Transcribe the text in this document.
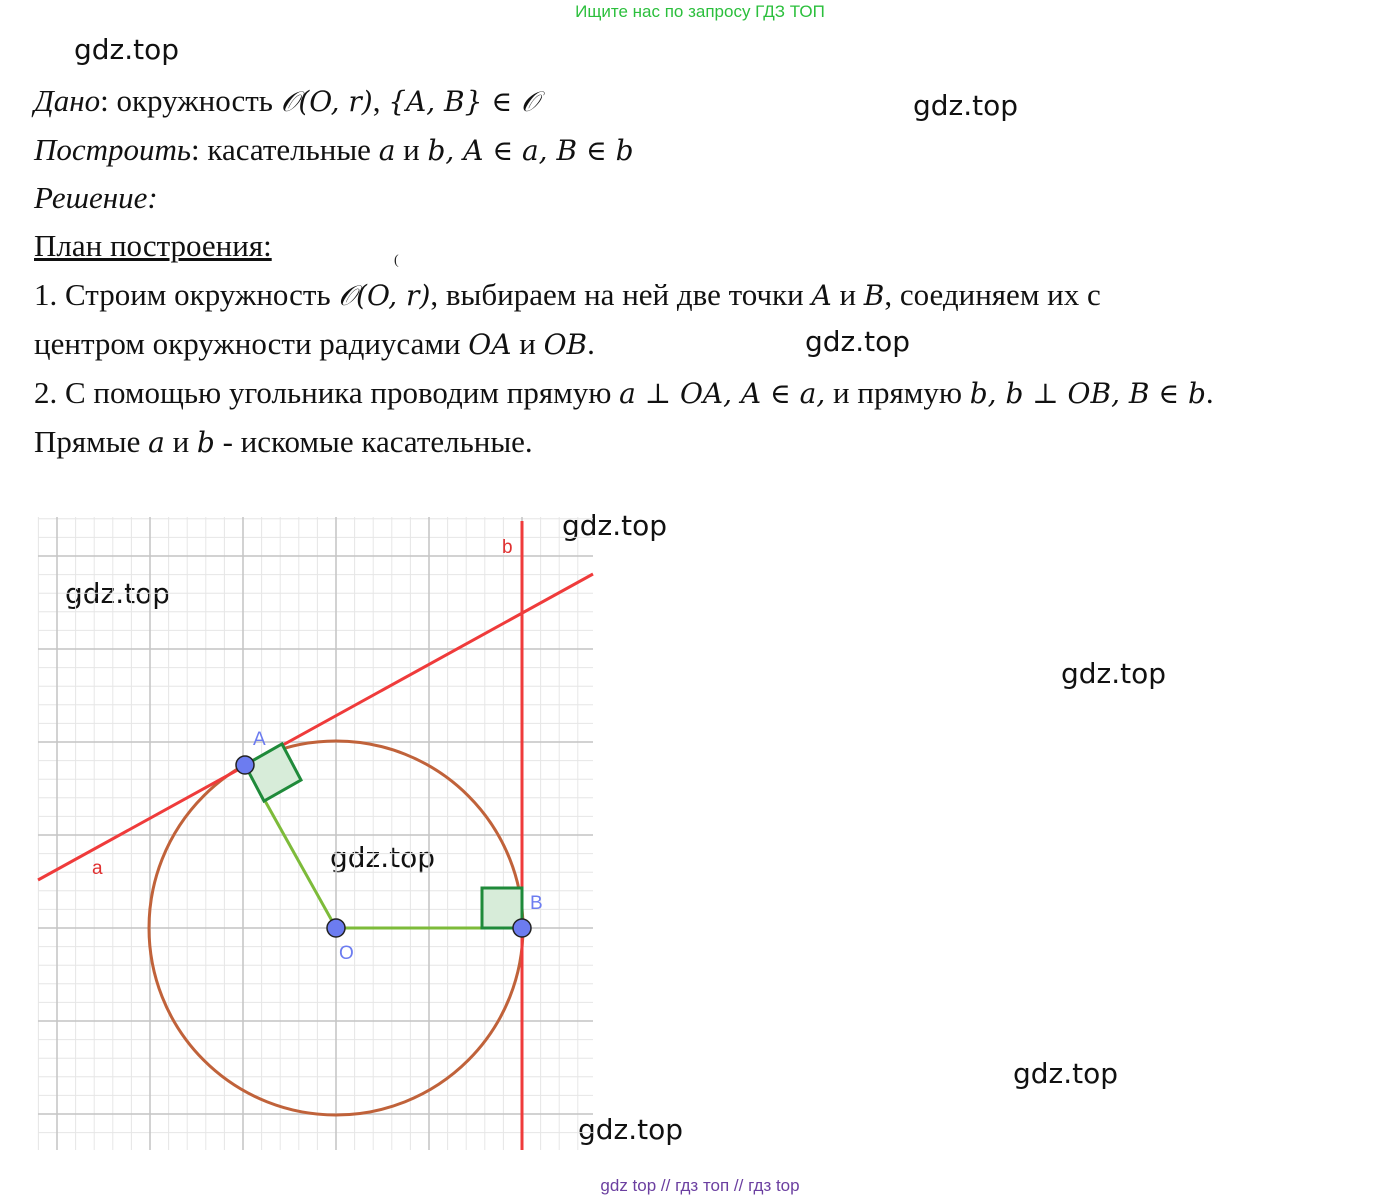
Ищите нас по запросу ГДЗ ТОП
gdz.top
gdz.top
gdz.top
gdz.top
gdz.top
gdz.top
gdz.top
gdz.top
gdz.top
Дано: окружность 𝒪(O, r), {A, B} ∈ 𝒪
Построить: касательные a и b, A ∈ a, B ∈ b
Решение:
План построения:	(
1. Строим окружность 𝒪(O, r), выбираем на ней две точки A и B, соединяем их с
центром окружности радиусами OA и OB.
2. С помощью угольника проводим прямую a ⊥ OA, A ∈ a, и прямую b, b ⊥ OB, B ∈ b.
Прямые a и b - искомые касательные.
A
B
O
a
b
gdz top // гдз топ // гдз top
